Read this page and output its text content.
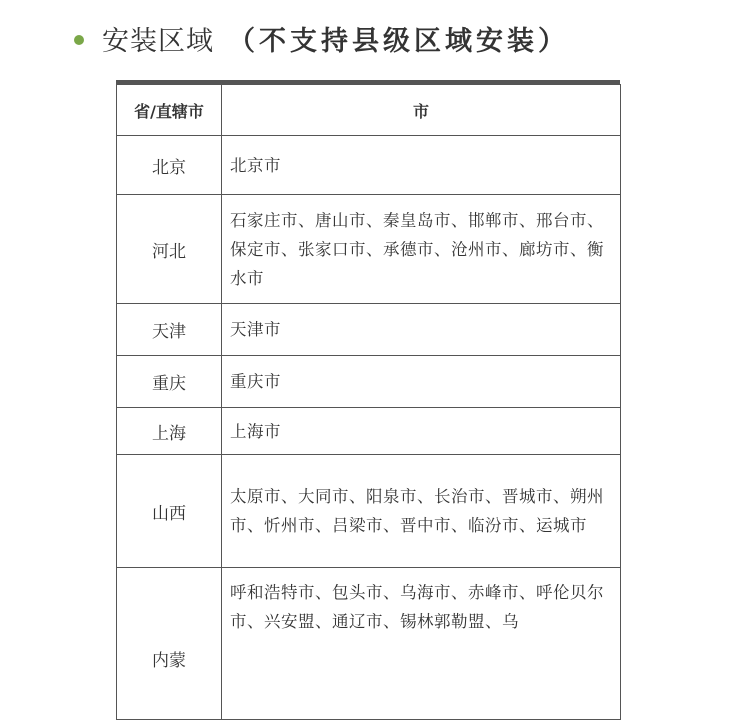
安装区域 （不支持县级区域安装）
省/直辖市	市
北京	北京市
河北	石家庄市、唐山市、秦皇岛市、邯郸市、邢台市、保定市、张家口市、承德市、沧州市、廊坊市、衡水市
天津	天津市
重庆	重庆市
上海	上海市
山西	太原市、大同市、阳泉市、长治市、晋城市、朔州市、忻州市、吕梁市、晋中市、临汾市、运城市
内蒙	呼和浩特市、包头市、乌海市、赤峰市、呼伦贝尔市、兴安盟、通辽市、锡林郭勒盟、乌
